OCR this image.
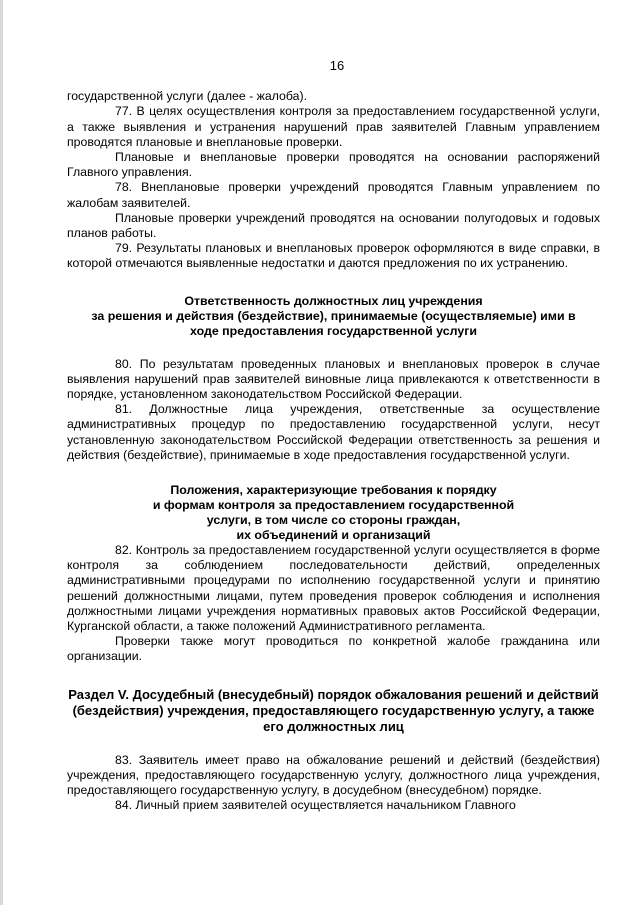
16

государственной услуги (далее - жалоба).

77. В целях осуществления контроля за предоставлением государственной услуги, а также выявления и устранения нарушений прав заявителей Главным управлением проводятся плановые и внеплановые проверки.

Плановые и внеплановые проверки проводятся на основании распоряжений Главного управления.

78. Внеплановые проверки учреждений проводятся Главным управлением по жалобам заявителей.

Плановые проверки учреждений проводятся на основании полугодовых и годовых планов работы.

79. Результаты плановых и внеплановых проверок оформляются в виде справки, в которой отмечаются выявленные недостатки и даются предложения по их устранению.

Ответственность должностных лиц учреждения
за решения и действия (бездействие), принимаемые (осуществляемые) ими в
ходе предоставления государственной услуги

80. По результатам проведенных плановых и внеплановых проверок в случае выявления нарушений прав заявителей виновные лица привлекаются к ответственности в порядке, установленном законодательством Российской Федерации.

81. Должностные лица учреждения, ответственные за осуществление административных процедур по предоставлению государственной услуги, несут установленную законодательством Российской Федерации ответственность за решения и действия (бездействие), принимаемые в ходе предоставления государственной услуги.

Положения, характеризующие требования к порядку
и формам контроля за предоставлением государственной
услуги, в том числе со стороны граждан,
их объединений и организаций

82. Контроль за предоставлением государственной услуги осуществляется в форме контроля за соблюдением последовательности действий, определенных административными процедурами по исполнению государственной услуги и принятию решений должностными лицами, путем проведения проверок соблюдения и исполнения должностными лицами учреждения нормативных правовых актов Российской Федерации, Курганской области, а также положений Административного регламента.

Проверки также могут проводиться по конкретной жалобе гражданина или организации.

Раздел V. Досудебный (внесудебный) порядок обжалования решений и действий
(бездействия) учреждения, предоставляющего государственную услугу, а также
его должностных лиц

83. Заявитель имеет право на обжалование решений и действий (бездействия) учреждения, предоставляющего государственную услугу, должностного лица учреждения, предоставляющего государственную услугу, в досудебном (внесудебном) порядке.

84. Личный прием заявителей осуществляется начальником Главного
